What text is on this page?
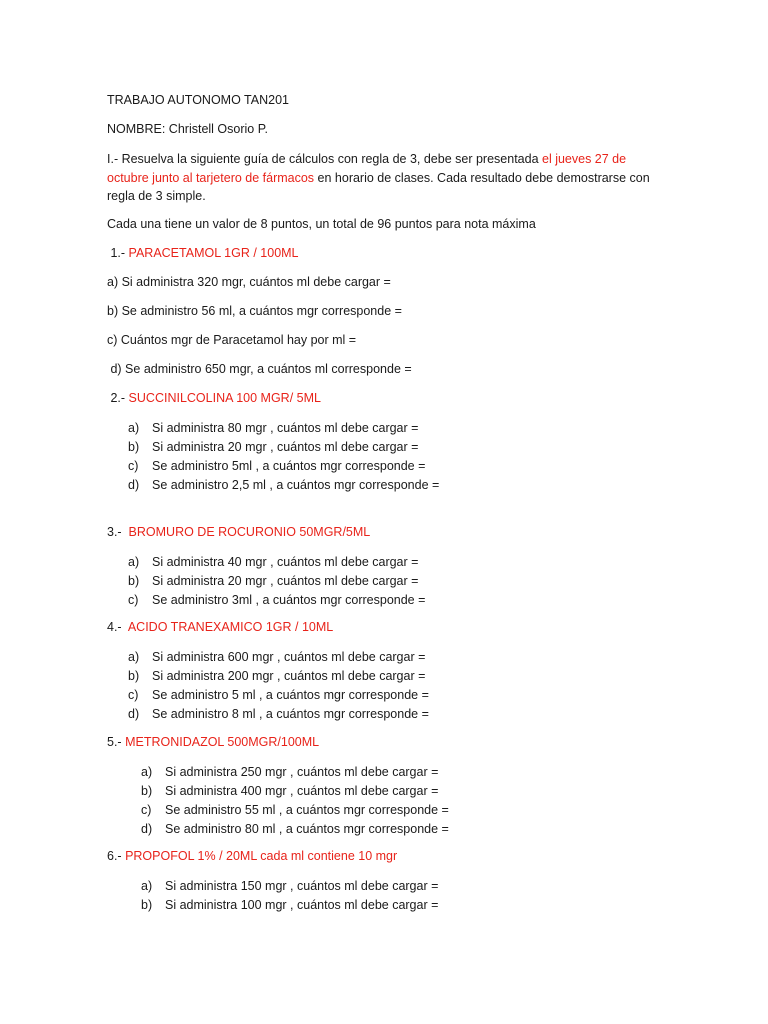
TRABAJO AUTONOMO TAN201
NOMBRE: Christell Osorio P.
I.- Resuelva la siguiente guía de cálculos con regla de 3, debe ser presentada el jueves 27 de octubre junto al tarjetero de fármacos en horario de clases. Cada resultado debe demostrarse con regla de 3 simple.
Cada una tiene un valor de 8 puntos, un total de 96 puntos para nota máxima
1.- PARACETAMOL 1GR / 100ML
a) Si administra 320 mgr, cuántos ml debe cargar =
b) Se administro 56 ml, a cuántos mgr corresponde =
c) Cuántos mgr de Paracetamol hay por ml =
d) Se administro 650 mgr, a cuántos ml corresponde =
2.- SUCCINILCOLINA 100 MGR/ 5ML
a) Si administra 80 mgr , cuántos ml debe cargar =
b) Si administra 20 mgr , cuántos ml debe cargar =
c) Se administro 5ml , a cuántos mgr corresponde =
d) Se administro 2,5 ml , a cuántos mgr corresponde =
3.-  BROMURO DE ROCURONIO 50MGR/5ML
a) Si administra 40 mgr , cuántos ml debe cargar =
b) Si administra 20 mgr , cuántos ml debe cargar =
c) Se administro 3ml , a cuántos mgr corresponde =
4.-  ACIDO TRANEXAMICO 1GR / 10ML
a) Si administra 600 mgr , cuántos ml debe cargar =
b) Si administra 200 mgr , cuántos ml debe cargar =
c) Se administro 5 ml , a cuántos mgr corresponde =
d) Se administro 8 ml , a cuántos mgr corresponde =
5.- METRONIDAZOL 500MGR/100ML
a) Si administra 250 mgr , cuántos ml debe cargar =
b) Si administra 400 mgr , cuántos ml debe cargar =
c) Se administro 55 ml , a cuántos mgr corresponde =
d) Se administro 80 ml , a cuántos mgr corresponde =
6.- PROPOFOL 1% / 20ML cada ml contiene 10 mgr
a) Si administra 150 mgr , cuántos ml debe cargar =
b) Si administra 100 mgr , cuántos ml debe cargar =
